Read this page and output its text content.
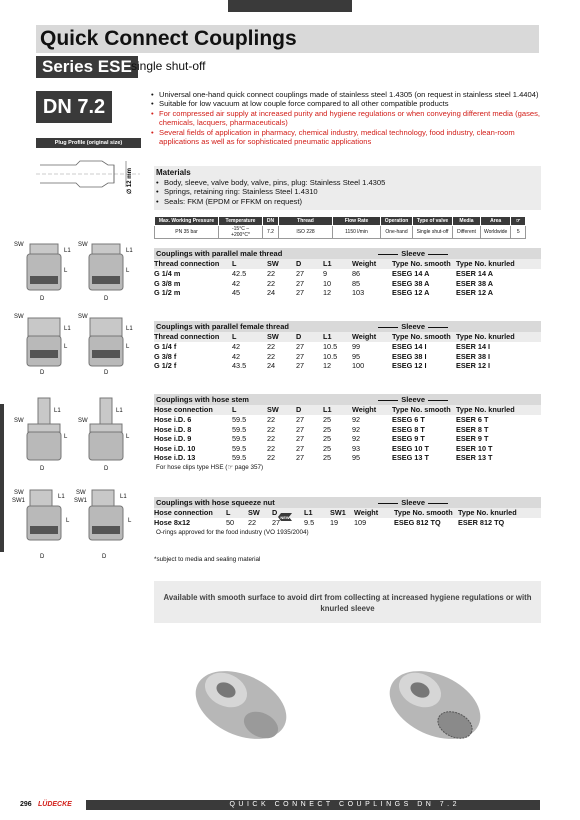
Quick Connect Couplings
Series ESE single shut-off
DN 7.2
Plug Profile (original size)
∅ 12 mm
• Universal one-hand quick connect couplings made of stainless steel 1.4305 (on request in stainless steel 1.4404)
• Suitable for low vacuum at low couple force compared to all other compatible products
• For compressed air supply at increased purity and hygiene regulations or when conveying different media (gases, chemicals, lacquers, pharmaceuticals)
• Several fields of application in pharmacy, chemical industry, medical technology, food industry, clean-room applications as well as for sophisticated pneumatic applications
Materials
• Body, sleeve, valve body, valve, pins, plug: Stainless Steel 1.4305
• Springs, retaining ring: Stainless Steel 1.4310
• Seals: FKM (EPDM or FFKM on request)
Max. Working Pressure	Temperature	DN	Thread	Flow Rate	Operation	Type of valve	Media	Area	☞
PN 35 bar	-15°C – +200°C*	7.2	ISO 228	1150 l/min	One-hand	Single shut-off	Different	Worldwide	5
Couplings with parallel male thread	Sleeve
Thread connection	L	SW	D	L1	Weight	Type No. smooth Type No. knurled
G 1/4 m	42.5	22	27	9	86	ESEG 14 A	ESER 14 A
G 3/8 m	42	22	27	10	85	ESEG 38 A	ESER 38 A
G 1/2 m	45	24	27	12	103	ESEG 12 A	ESER 12 A
Couplings with parallel female thread	Sleeve
Thread connection	L	SW	D	L1	Weight	Type No. smooth Type No. knurled
G 1/4 f	42	22	27	10.5	99	ESEG 14 I	ESER 14 I
G 3/8 f	42	22	27	10.5	95	ESEG 38 I	ESER 38 I
G 1/2 f	43.5	24	27	12	100	ESEG 12 I	ESER 12 I
Couplings with hose stem	Sleeve
Hose connection	L	SW	D	L1	Weight	Type No. smooth Type No. knurled
Hose i.D. 6	59.5	22	27	25	92	ESEG 6 T	ESER 6 T
Hose i.D. 8	59.5	22	27	25	92	ESEG 8 T	ESER 8 T
Hose i.D. 9	59.5	22	27	25	92	ESEG 9 T	ESER 9 T
Hose i.D. 10	59.5	22	27	25	93	ESEG 10 T	ESER 10 T
Hose i.D. 13	59.5	22	27	25	95	ESEG 13 T	ESER 13 T
For hose clips type HSE (☞ page 357)
Couplings with hose squeeze nut	Sleeve
Hose connection	L	SW	D	L1	SW1	Weight	Type No. smooth Type No. knurled
Hose 8x12	50	22	27	9.5	19	109	ESEG 812 TQ	ESER 812 TQ
O-rings approved for the food industry (VO 1935/2004)
NEW
*subject to media and sealing material
Available with smooth surface to avoid dirt from collecting at increased hygiene regulations or with knurled sleeve
SW
L1
L
D
SW
L1
L
D
SW
L1
L
D
SW
L1
L
D
SW
L1
L
D
SW
L1
L
D
SW
SW1
L1
L
D
SW
SW1
L1
L
D
296 LÜDECKE	QUICK CONNECT COUPLINGS DN 7.2
